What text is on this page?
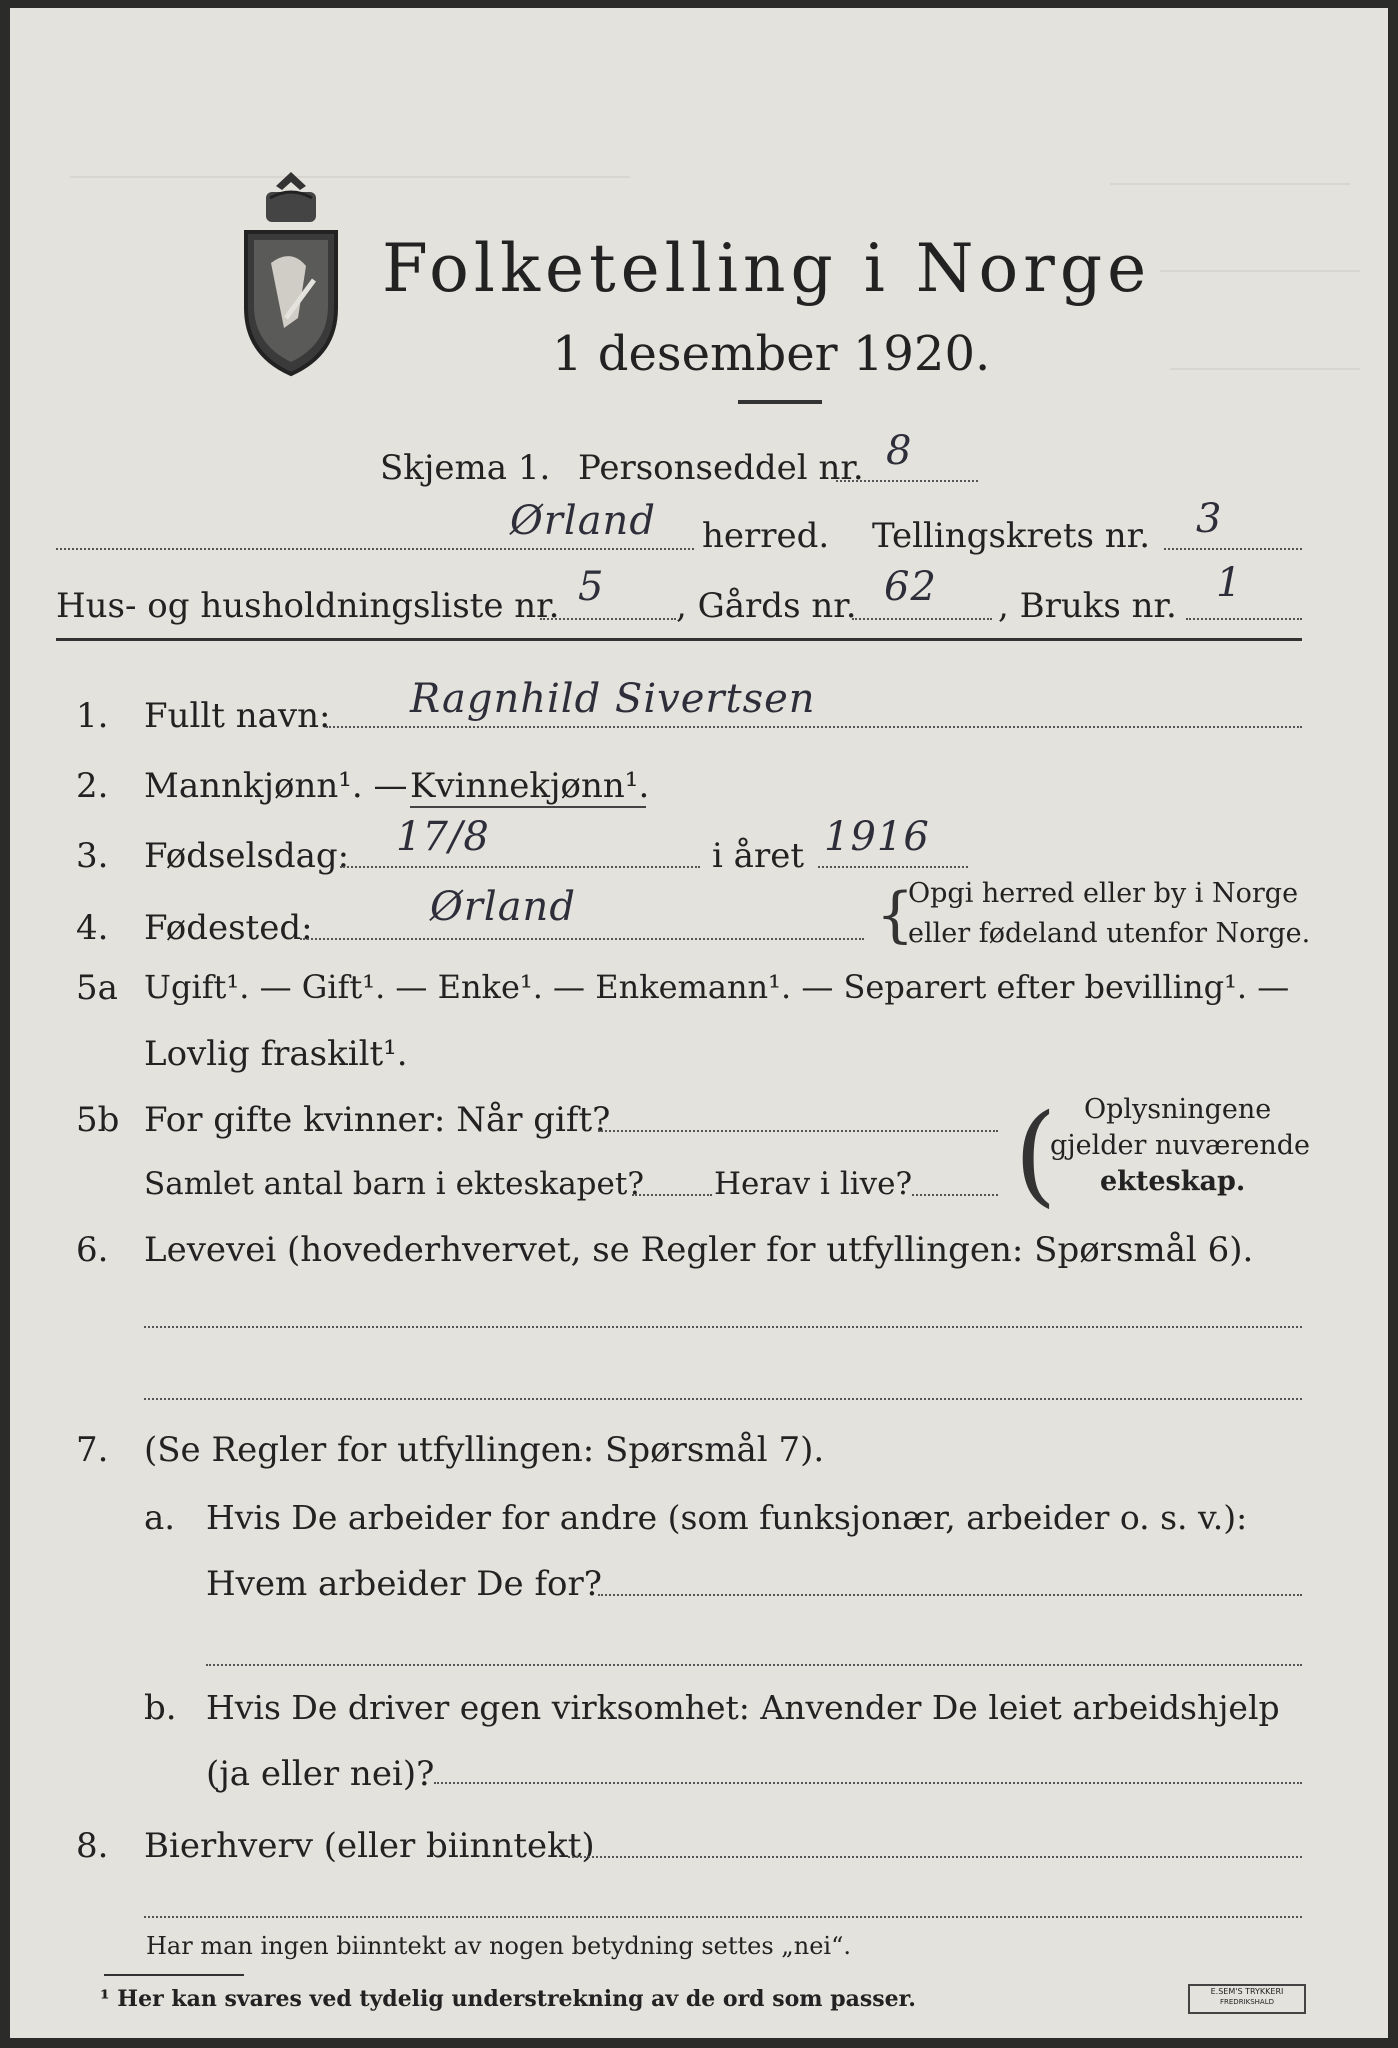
Folketelling i Norge
1 desember 1920.
Skjema 1. Personseddel nr. 8
Ørland herred. Tellingskrets nr. 3
Hus- og husholdningsliste nr. 5 , Gårds nr. 62 , Bruks nr. 1
1. Fullt navn: Ragnhild Sivertsen
2. Mannkjønn¹. — Kvinnekjønn¹.
3. Fødselsdag: 17/8	i året 1916
4. Fødested:	Ørland	{
Opgi herred eller by i Norge
eller fødeland utenfor Norge.
5a Ugift¹. — Gift¹. — Enke¹. — Enkemann¹. — Separert efter bevilling¹. —
Lovlig fraskilt¹.
5b For gifte kvinner: Når gift?
Samlet antal barn i ekteskapet? Herav i live? ( Oplysningene
gjelder nuværende
ekteskap.
6. Levevei (hovederhvervet, se Regler for utfyllingen: Spørsmål 6).
7. (Se Regler for utfyllingen: Spørsmål 7).
a. Hvis De arbeider for andre (som funksjonær, arbeider o. s. v.):
Hvem arbeider De for?
b. Hvis De driver egen virksomhet: Anvender De leiet arbeidshjelp
(ja eller nei)?
8. Bierhverv (eller biinntekt)
Har man ingen biinntekt av nogen betydning settes „nei“.
¹ Her kan svares ved tydelig understrekning av de ord som passer.	E.SEM'S TRYKKERI
FREDRIKSHALD
